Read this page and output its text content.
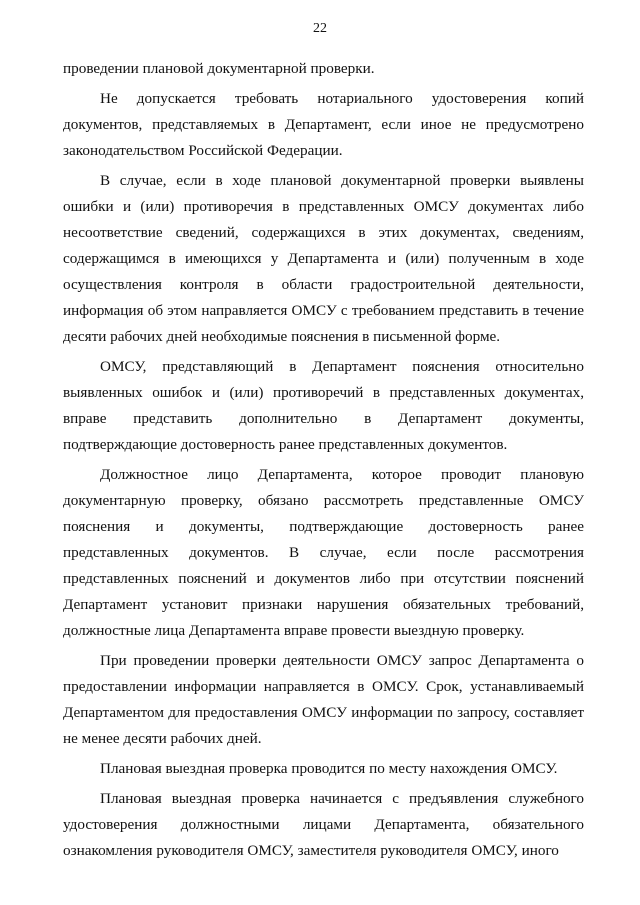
22

проведении плановой документарной проверки.

Не допускается требовать нотариального удостоверения копий документов, представляемых в Департамент, если иное не предусмотрено законодательством Российской Федерации.

В случае, если в ходе плановой документарной проверки выявлены ошибки и (или) противоречия в представленных ОМСУ документах либо несоответствие сведений, содержащихся в этих документах, сведениям, содержащимся в имеющихся у Департамента и (или) полученным в ходе осуществления контроля в области градостроительной деятельности, информация об этом направляется ОМСУ с требованием представить в течение десяти рабочих дней необходимые пояснения в письменной форме.

ОМСУ, представляющий в Департамент пояснения относительно выявленных ошибок и (или) противоречий в представленных документах, вправе представить дополнительно в Департамент документы, подтверждающие достоверность ранее представленных документов.

Должностное лицо Департамента, которое проводит плановую документарную проверку, обязано рассмотреть представленные ОМСУ пояснения и документы, подтверждающие достоверность ранее представленных документов. В случае, если после рассмотрения представленных пояснений и документов либо при отсутствии пояснений Департамент установит признаки нарушения обязательных требований, должностные лица Департамента вправе провести выездную проверку.

При проведении проверки деятельности ОМСУ запрос Департамента о предоставлении информации направляется в ОМСУ. Срок, устанавливаемый Департаментом для предоставления ОМСУ информации по запросу, составляет не менее десяти рабочих дней.

Плановая выездная проверка проводится по месту нахождения ОМСУ.

Плановая выездная проверка начинается с предъявления служебного удостоверения должностными лицами Департамента, обязательного ознакомления руководителя ОМСУ, заместителя руководителя ОМСУ, иного
